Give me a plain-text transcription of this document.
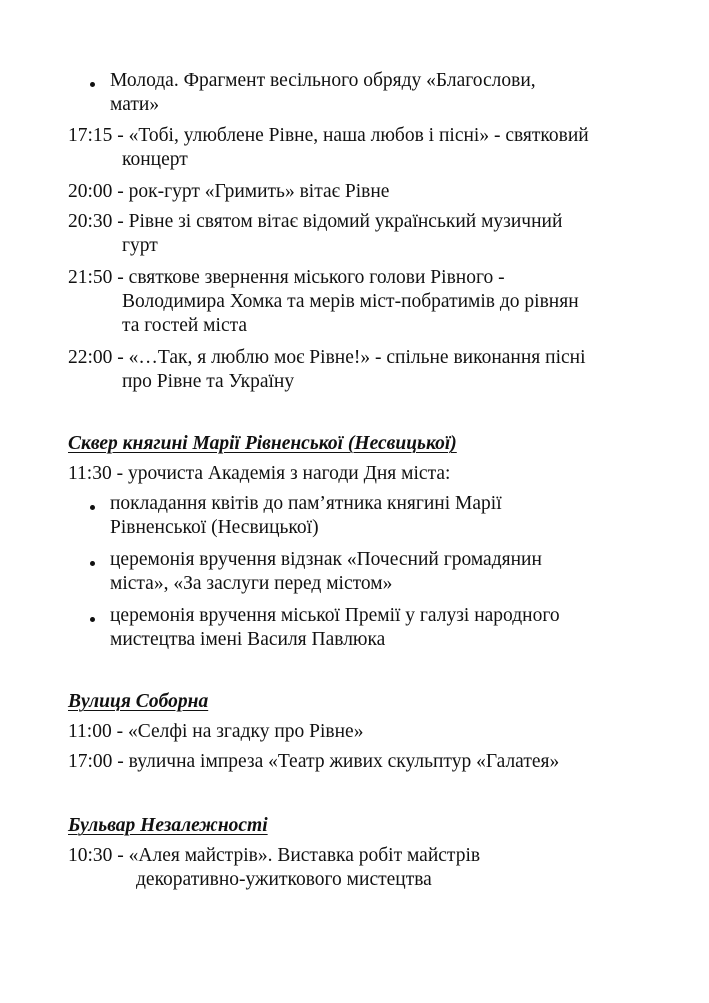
Молода. Фрагмент весільного обряду «Благослови,
мати»
17:15 - «Тобі, улюблене Рівне, наша любов і пісні» - святковий
концерт
20:00 - рок-гурт «Гримить» вітає Рівне
20:30 - Рівне зі святом вітає відомий український музичний
гурт
21:50 - святкове звернення міського голови Рівного -
Володимира Хомка та мерів міст-побратимів до рівнян
та гостей міста
22:00 - «…Так, я люблю моє Рівне!» - спільне виконання пісні
про Рівне та Україну
Сквер княгині Марії Рівненської (Несвицької)
11:30 - урочиста Академія з нагоди Дня міста:
покладання квітів до пам’ятника княгині Марії
Рівненської (Несвицької)
церемонія вручення відзнак «Почесний громадянин
міста», «За заслуги перед містом»
церемонія вручення міської Премії у галузі народного
мистецтва імені Василя Павлюка
Вулиця Соборна
11:00 - «Селфі на згадку про Рівне»
17:00 - вулична імпреза «Театр живих скульптур «Галатея»
Бульвар Незалежності
10:30 - «Алея майстрів». Виставка робіт майстрів
декоративно-ужиткового мистецтва
